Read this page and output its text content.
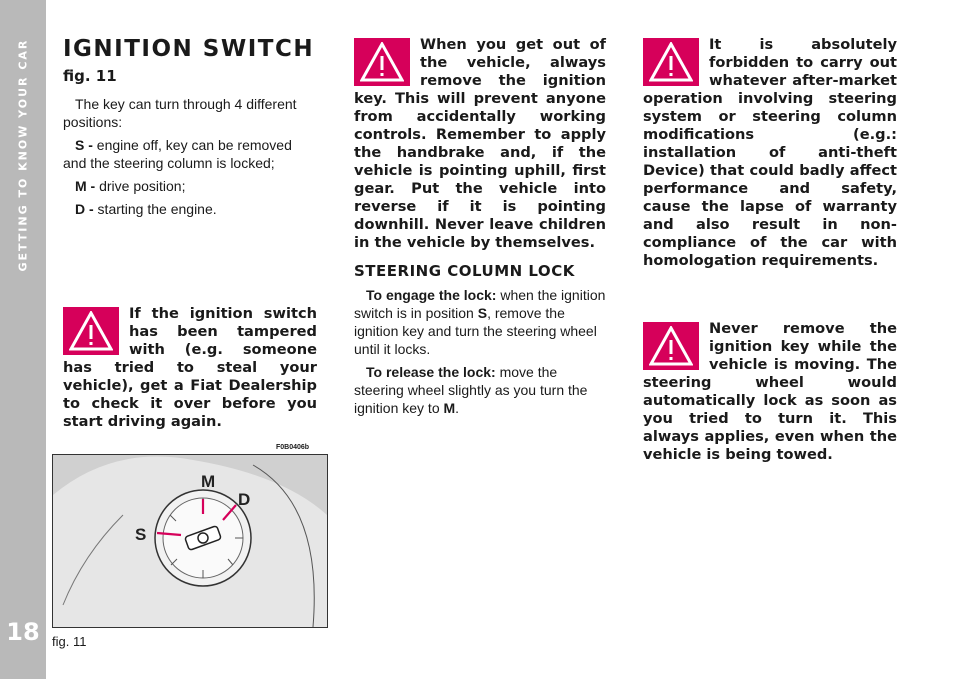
GETTING TO KNOW YOUR CAR
18
IGNITION SWITCH
fig. 11

The key can turn through 4 different positions:

S - engine off, key can be removed and the steering column is locked;

M - drive position;

D - starting the engine.

If the ignition switch has been tampered with (e.g. someone has tried to steal your vehicle), get a Fiat Dealership to check it over before you start driving again.
F0B0406b
S
M
D
fig. 11
When you get out of the vehicle, always remove the ignition key. This will prevent anyone from accidentally working controls. Remember to apply the handbrake and, if the vehicle is pointing uphill, first gear. Put the vehicle into reverse if it is pointing downhill. Never leave children in the vehicle by themselves.
STEERING COLUMN LOCK

To engage the lock: when the ignition switch is in position S, remove the ignition key and turn the steering wheel until it locks.

To release the lock: move the steering wheel slightly as you turn the ignition key to M.

It is absolutely forbidden to carry out whatever after-market operation involving steering system or steering column modifications (e.g.: installation of anti-theft Device) that could badly affect performance and safety, cause the lapse of warranty and also result in non-compliance of the car with homologation requirements.
Never remove the ignition key while the vehicle is moving. The steering wheel would automatically lock as soon as you tried to turn it. This always applies, even when the vehicle is being towed.
